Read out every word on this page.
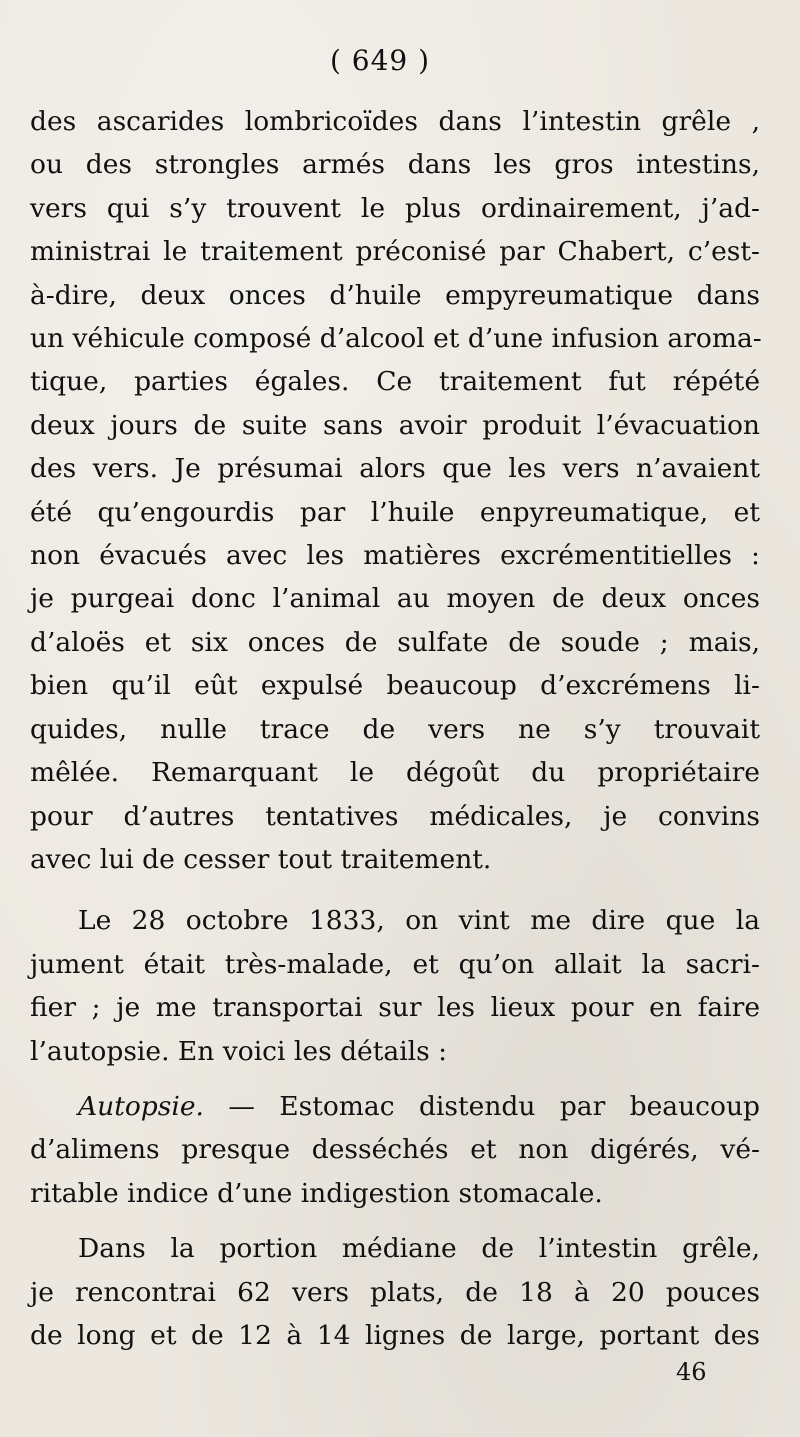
( 649 )

des ascarides lombricoïdes dans l’intestin grêle ,
ou des strongles armés dans les gros intestins,
vers qui s’y trouvent le plus ordinairement, j’ad-
ministrai le traitement préconisé par Chabert, c’est-
à-dire, deux onces d’huile empyreumatique dans
un véhicule composé d’alcool et d’une infusion aroma-
tique, parties égales. Ce traitement fut répété
deux jours de suite sans avoir produit l’évacuation
des vers. Je présumai alors que les vers n’avaient
été qu’engourdis par l’huile enpyreumatique, et
non évacués avec les matières excrémentitielles :
je purgeai donc l’animal au moyen de deux onces
d’aloës et six onces de sulfate de soude ; mais,
bien qu’il eût expulsé beaucoup d’excrémens li-
quides, nulle trace de vers ne s’y trouvait
mêlée. Remarquant le dégoût du propriétaire
pour d’autres tentatives médicales, je convins
avec lui de cesser tout traitement.

Le 28 octobre 1833, on vint me dire que la
jument était très-malade, et qu’on allait la sacri-
fier ; je me transportai sur les lieux pour en faire
l’autopsie. En voici les détails :

Autopsie. — Estomac distendu par beaucoup
d’alimens presque desséchés et non digérés, vé-
ritable indice d’une indigestion stomacale.

Dans la portion médiane de l’intestin grêle,
je rencontrai 62 vers plats, de 18 à 20 pouces
de long et de 12 à 14 lignes de large, portant des

46
